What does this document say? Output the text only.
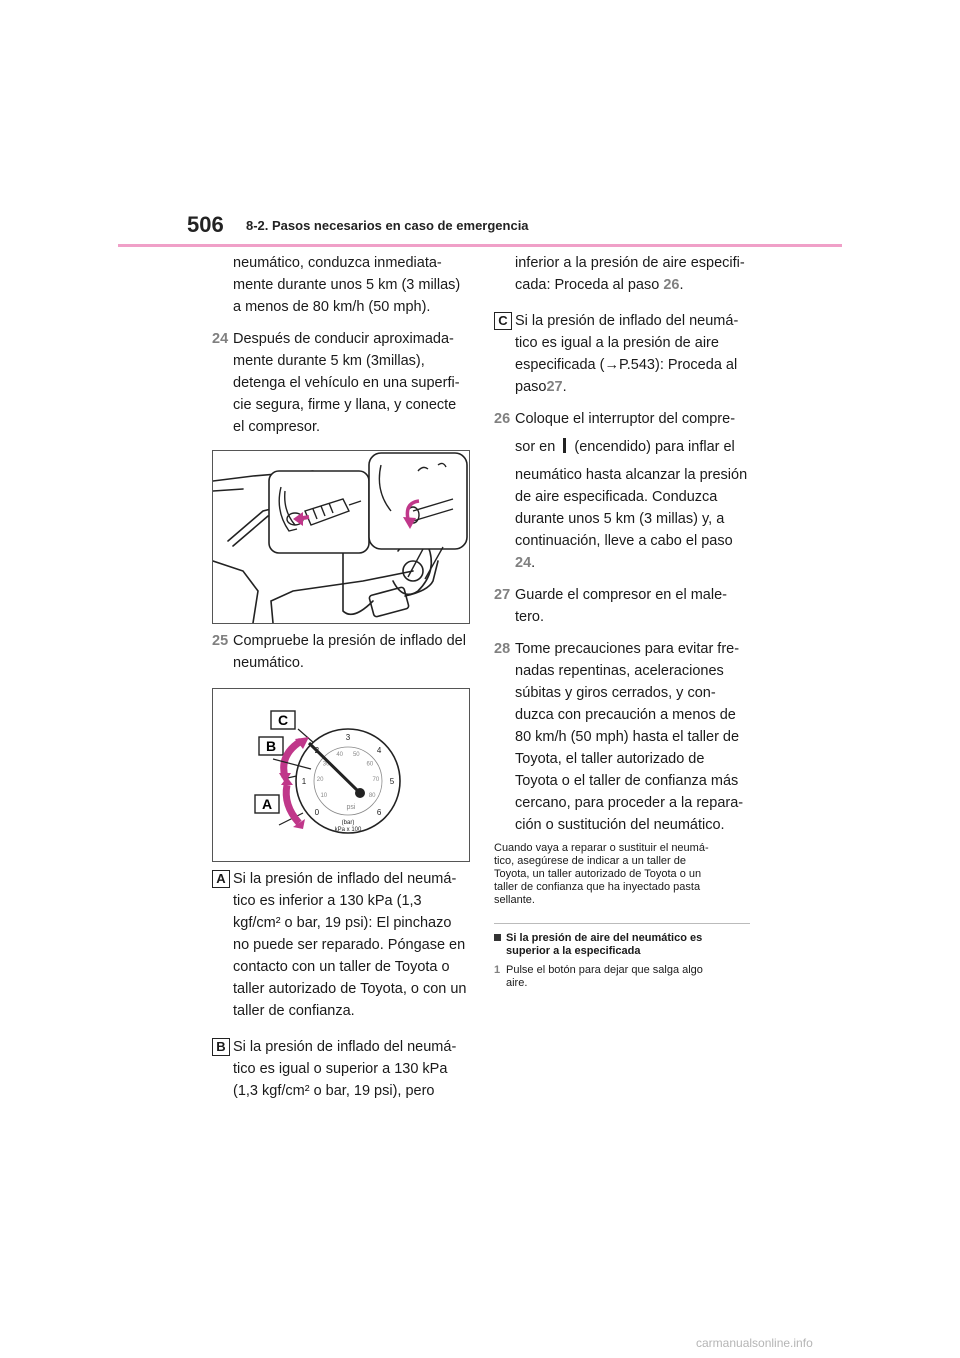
506 8-2. Pasos necesarios en caso de emergencia
neumático, conduzca inmediata-
mente durante unos 5 km (3 millas)
a menos de 80 km/h (50 mph).
24 Después de conducir aproximada-
mente durante 5 km (3millas),
detenga el vehículo en una superfi-
cie segura, firme y llana, y conecte
el compresor.
25 Compruebe la presión de inflado del
neumático.
C
B
A
0
1
3
4
5
6
10
20
30
40 50
60
70
80
psi
(bar)
kPa x 100
A Si la presión de inflado del neumá-
tico es inferior a 130 kPa (1,3
kgf/cm² o bar, 19 psi): El pinchazo
no puede ser reparado. Póngase en
contacto con un taller de Toyota o
taller autorizado de Toyota, o con un
taller de confianza.
B Si la presión de inflado del neumá-
tico es igual o superior a 130 kPa
(1,3 kgf/cm² o bar, 19 psi), pero
inferior a la presión de aire especifi-
cada: Proceda al paso 26.
C Si la presión de inflado del neumá-
tico es igual a la presión de aire
especificada (→P.543): Proceda al
paso27.
26 Coloque el interruptor del compre-
sor en (encendido) para inflar el
neumático hasta alcanzar la presión
de aire especificada. Conduzca
durante unos 5 km (3 millas) y, a
continuación, lleve a cabo el paso
24.
27 Guarde el compresor en el male-
tero.
28 Tome precauciones para evitar fre-
nadas repentinas, aceleraciones
súbitas y giros cerrados, y con-
duzca con precaución a menos de
80 km/h (50 mph) hasta el taller de
Toyota, el taller autorizado de
Toyota o el taller de confianza más
cercano, para proceder a la repara-
ción o sustitución del neumático.
Cuando vaya a reparar o sustituir el neumá-
tico, asegúrese de indicar a un taller de
Toyota, un taller autorizado de Toyota o un
taller de confianza que ha inyectado pasta
sellante.
Si la presión de aire del neumático es
superior a la especificada
1 Pulse el botón para dejar que salga algo
aire.
carmanualsonline.info
